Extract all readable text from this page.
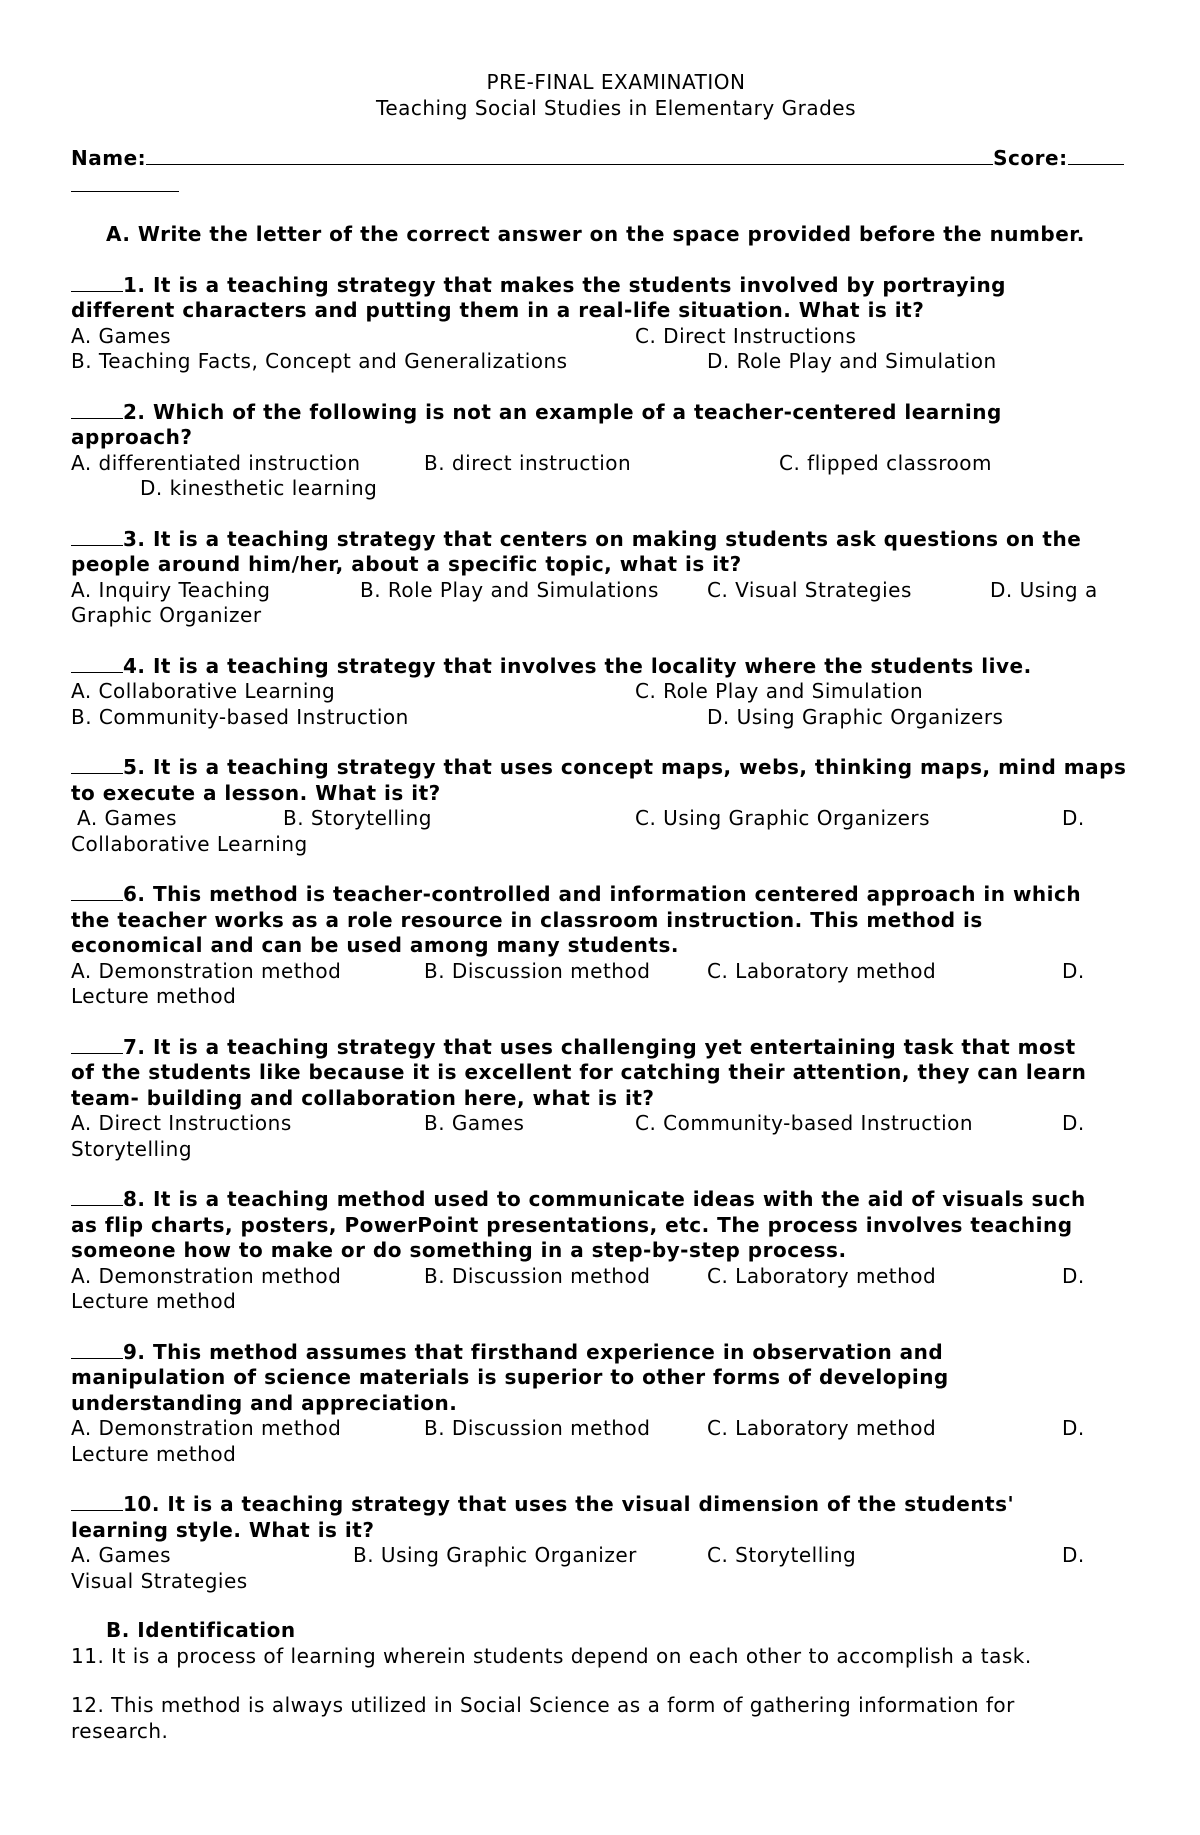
PRE-FINAL EXAMINATION
Teaching Social Studies in Elementary Grades
Name:	Score:
A. Write the letter of the correct answer on the space provided before the number.
1. It is a teaching strategy that makes the students involved by portraying
different characters and putting them in a real-life situation. What is it?
A. Games	C. Direct Instructions
B. Teaching Facts, Concept and Generalizations	D. Role Play and Simulation
2. Which of the following is not an example of a teacher-centered learning
approach?
A. differentiated instruction	B. direct instruction	C. flipped classroom
D. kinesthetic learning
3. It is a teaching strategy that centers on making students ask questions on the
people around him/her, about a specific topic, what is it?
A. Inquiry Teaching	B. Role Play and Simulations C. Visual Strategies	D. Using a
Graphic Organizer
4. It is a teaching strategy that involves the locality where the students live.
A. Collaborative Learning	C. Role Play and Simulation
B. Community-based Instruction	D. Using Graphic Organizers
5. It is a teaching strategy that uses concept maps, webs, thinking maps, mind maps
to execute a lesson. What is it?
A. Games	B. Storytelling	C. Using Graphic Organizers	D.
Collaborative Learning
6. This method is teacher-controlled and information centered approach in which
the teacher works as a role resource in classroom instruction. This method is
economical and can be used among many students.
A. Demonstration method	B. Discussion method	C. Laboratory method	D.
Lecture method
7. It is a teaching strategy that uses challenging yet entertaining task that most
of the students like because it is excellent for catching their attention, they can learn
team- building and collaboration here, what is it?
A. Direct Instructions	B. Games	C. Community-based Instruction	D.
Storytelling
8. It is a teaching method used to communicate ideas with the aid of visuals such
as flip charts, posters, PowerPoint presentations, etc. The process involves teaching
someone how to make or do something in a step-by-step process.
A. Demonstration method	B. Discussion method	C. Laboratory method	D.
Lecture method
9. This method assumes that firsthand experience in observation and
manipulation of science materials is superior to other forms of developing
understanding and appreciation.
A. Demonstration method	B. Discussion method	C. Laboratory method	D.
Lecture method
10. It is a teaching strategy that uses the visual dimension of the students'
learning style. What is it?
A. Games	B. Using Graphic Organizer	C. Storytelling	D.
Visual Strategies
B. Identification
11. It is a process of learning wherein students depend on each other to accomplish a task.
12. This method is always utilized in Social Science as a form of gathering information for
research.
